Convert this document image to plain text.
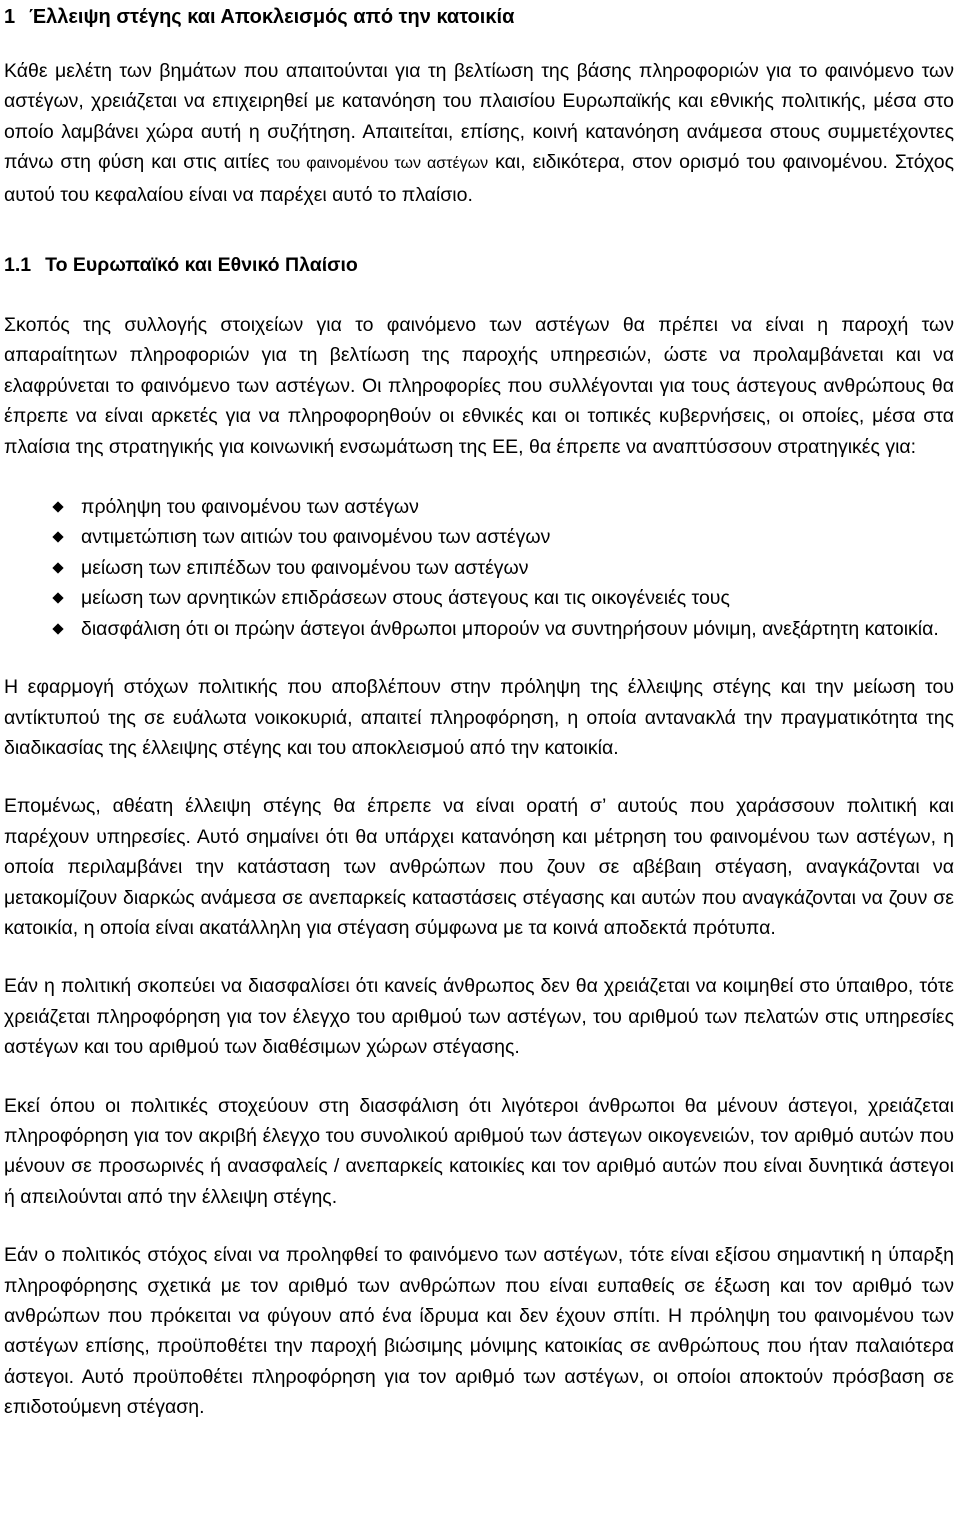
1 Έλλειψη στέγης και Αποκλεισμός από την κατοικία

Κάθε μελέτη των βημάτων που απαιτούνται για τη βελτίωση της βάσης πληροφοριών για το φαινόμενο των αστέγων, χρειάζεται να επιχειρηθεί με κατανόηση του πλαισίου Ευρωπαϊκής και εθνικής πολιτικής, μέσα στο οποίο λαμβάνει χώρα αυτή η συζήτηση. Απαιτείται, επίσης, κοινή κατανόηση ανάμεσα στους συμμετέχοντες πάνω στη φύση και στις αιτίες του φαινομένου των αστέγων και, ειδικότερα, στον ορισμό του φαινομένου. Στόχος αυτού του κεφαλαίου είναι να παρέχει αυτό το πλαίσιο.

1.1 Το Ευρωπαϊκό και Εθνικό Πλαίσιο

Σκοπός της συλλογής στοιχείων για το φαινόμενο των αστέγων θα πρέπει να είναι η παροχή των απαραίτητων πληροφοριών για τη βελτίωση της παροχής υπηρεσιών, ώστε να προλαμβάνεται και να ελαφρύνεται το φαινόμενο των αστέγων. Οι πληροφορίες που συλλέγονται για τους άστεγους ανθρώπους θα έπρεπε να είναι αρκετές για να πληροφορηθούν οι εθνικές και οι τοπικές κυβερνήσεις, οι οποίες, μέσα στα πλαίσια της στρατηγικής για κοινωνική ενσωμάτωση της ΕΕ, θα έπρεπε να αναπτύσσουν στρατηγικές για:

πρόληψη του φαινομένου των αστέγων
αντιμετώπιση των αιτιών του φαινομένου των αστέγων
μείωση των επιπέδων του φαινομένου των αστέγων
μείωση των αρνητικών επιδράσεων στους άστεγους και τις οικογένειές τους
διασφάλιση ότι οι πρώην άστεγοι άνθρωποι μπορούν να συντηρήσουν μόνιμη, ανεξάρτητη κατοικία.

Η εφαρμογή στόχων πολιτικής που αποβλέπουν στην πρόληψη της έλλειψης στέγης και την μείωση του αντίκτυπού της σε ευάλωτα νοικοκυριά, απαιτεί πληροφόρηση, η οποία αντανακλά την πραγματικότητα της διαδικασίας της έλλειψης στέγης και του αποκλεισμού από την κατοικία.

Επομένως, αθέατη έλλειψη στέγης θα έπρεπε να είναι ορατή σ’ αυτούς που χαράσσουν πολιτική και παρέχουν υπηρεσίες. Αυτό σημαίνει ότι θα υπάρχει κατανόηση και μέτρηση του φαινομένου των αστέγων, η οποία περιλαμβάνει την κατάσταση των ανθρώπων που ζουν σε αβέβαιη στέγαση, αναγκάζονται να μετακομίζουν διαρκώς ανάμεσα σε ανεπαρκείς καταστάσεις στέγασης και αυτών που αναγκάζονται να ζουν σε κατοικία, η οποία είναι ακατάλληλη για στέγαση σύμφωνα με τα κοινά αποδεκτά πρότυπα.

Εάν η πολιτική σκοπεύει να διασφαλίσει ότι κανείς άνθρωπος δεν θα χρειάζεται να κοιμηθεί στο ύπαιθρο, τότε χρειάζεται πληροφόρηση για τον έλεγχο του αριθμού των αστέγων, του αριθμού των πελατών στις υπηρεσίες αστέγων και του αριθμού των διαθέσιμων χώρων στέγασης.

Εκεί όπου οι πολιτικές στοχεύουν στη διασφάλιση ότι λιγότεροι άνθρωποι θα μένουν άστεγοι, χρειάζεται πληροφόρηση για τον ακριβή έλεγχο του συνολικού αριθμού των άστεγων οικογενειών, τον αριθμό αυτών που μένουν σε προσωρινές ή ανασφαλείς / ανεπαρκείς κατοικίες και τον αριθμό αυτών που είναι δυνητικά άστεγοι ή απειλούνται από την έλλειψη στέγης.

Εάν ο πολιτικός στόχος είναι να προληφθεί το φαινόμενο των αστέγων, τότε είναι εξίσου σημαντική η ύπαρξη πληροφόρησης σχετικά με τον αριθμό των ανθρώπων που είναι ευπαθείς σε έξωση και τον αριθμό των ανθρώπων που πρόκειται να φύγουν από ένα ίδρυμα και δεν έχουν σπίτι. Η πρόληψη του φαινομένου των αστέγων επίσης, προϋποθέτει την παροχή βιώσιμης μόνιμης κατοικίας σε ανθρώπους που ήταν παλαιότερα άστεγοι. Αυτό προϋποθέτει πληροφόρηση για τον αριθμό των αστέγων, οι οποίοι αποκτούν πρόσβαση σε επιδοτούμενη στέγαση.
